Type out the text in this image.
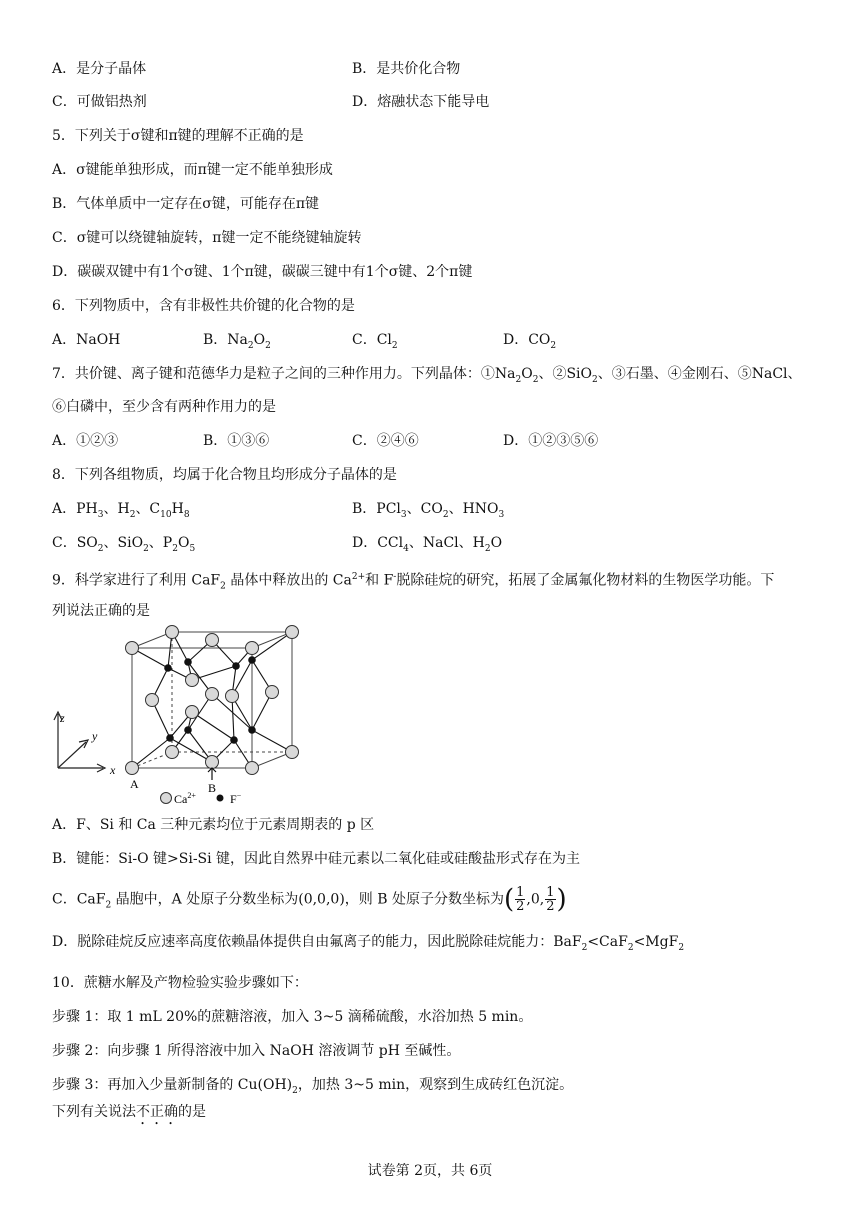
A．是分子晶体	B．是共价化合物
C．可做铝热剂	D．熔融状态下能导电
5．下列关于σ键和π键的理解不正确的是
A．σ键能单独形成，而π键一定不能单独形成
B．气体单质中一定存在σ键，可能存在π键
C．σ键可以绕键轴旋转，π键一定不能绕键轴旋转
D．碳碳双键中有1个σ键、1个π键，碳碳三键中有1个σ键、2个π键
6．下列物质中，含有非极性共价键的化合物的是
A．NaOH	B．$Na_2O_2$	C．$Cl_2$	D．$CO_2$
7．共价键、离子键和范德华力是粒子之间的三种作用力。下列晶体：$①Na_2O_2$、②SiO$_2$、③石墨、④金刚石、⑤NaCl、
⑥白磷中，至少含有两种作用力的是
A．①②③	B．①③⑥	C．②④⑥	D．①②③⑤⑥
8．下列各组物质，均属于化合物且均形成分子晶体的是
A．$PH_3$、$H_2$、$C_{10}H_8$	B．PCl$_3$、$CO_2$、$HNO_3$
C．$SO_2$、SiO$_2$、$P_2O_5$	D．CCl$_4$、NaCl、$H_2O$
9．科学家进行了利用 CaF$_2$ 晶体中释放出的 $Ca^{2+}$和 F-脱除硅烷的研究，拓展了金属氟化物材料的生物医学功能。下
列说法正确的是
z
y
x
A	B
$Ca^{2+}$	F−
A．F、Si 和 Ca 三种元素均位于元素周期表的 p 区
B．键能：Si-O 键>Si-Si 键，因此自然界中硅元素以二氧化硅或硅酸盐形式存在为主
C．CaF$_2$ 晶胞中，A 处原子分数坐标为(0,0,0)，则 B 处原子分数坐标为( $\frac{1}{2} ,0$, $\frac{1}{2}$ )
D．脱除硅烷反应速率高度依赖晶体提供自由氟离子的能力，因此脱除硅烷能力：BaF$_2$<CaF$_2$<MgF$_2$
10．蔗糖水解及产物检验实验步骤如下：
步骤 1：取 1 mL 20%的蔗糖溶液，加入 3~5 滴稀硫酸，水浴加热 5 min。
步骤 2：向步骤 1 所得溶液中加入 NaOH 溶液调节 pH 至碱性。
步骤 3：再加入少量新制备的 $Cu(OH)_2$，加热 3~5 min，观察到生成砖红色沉淀。
下列有关说法不正确的是
试卷第 2页，共 6页
